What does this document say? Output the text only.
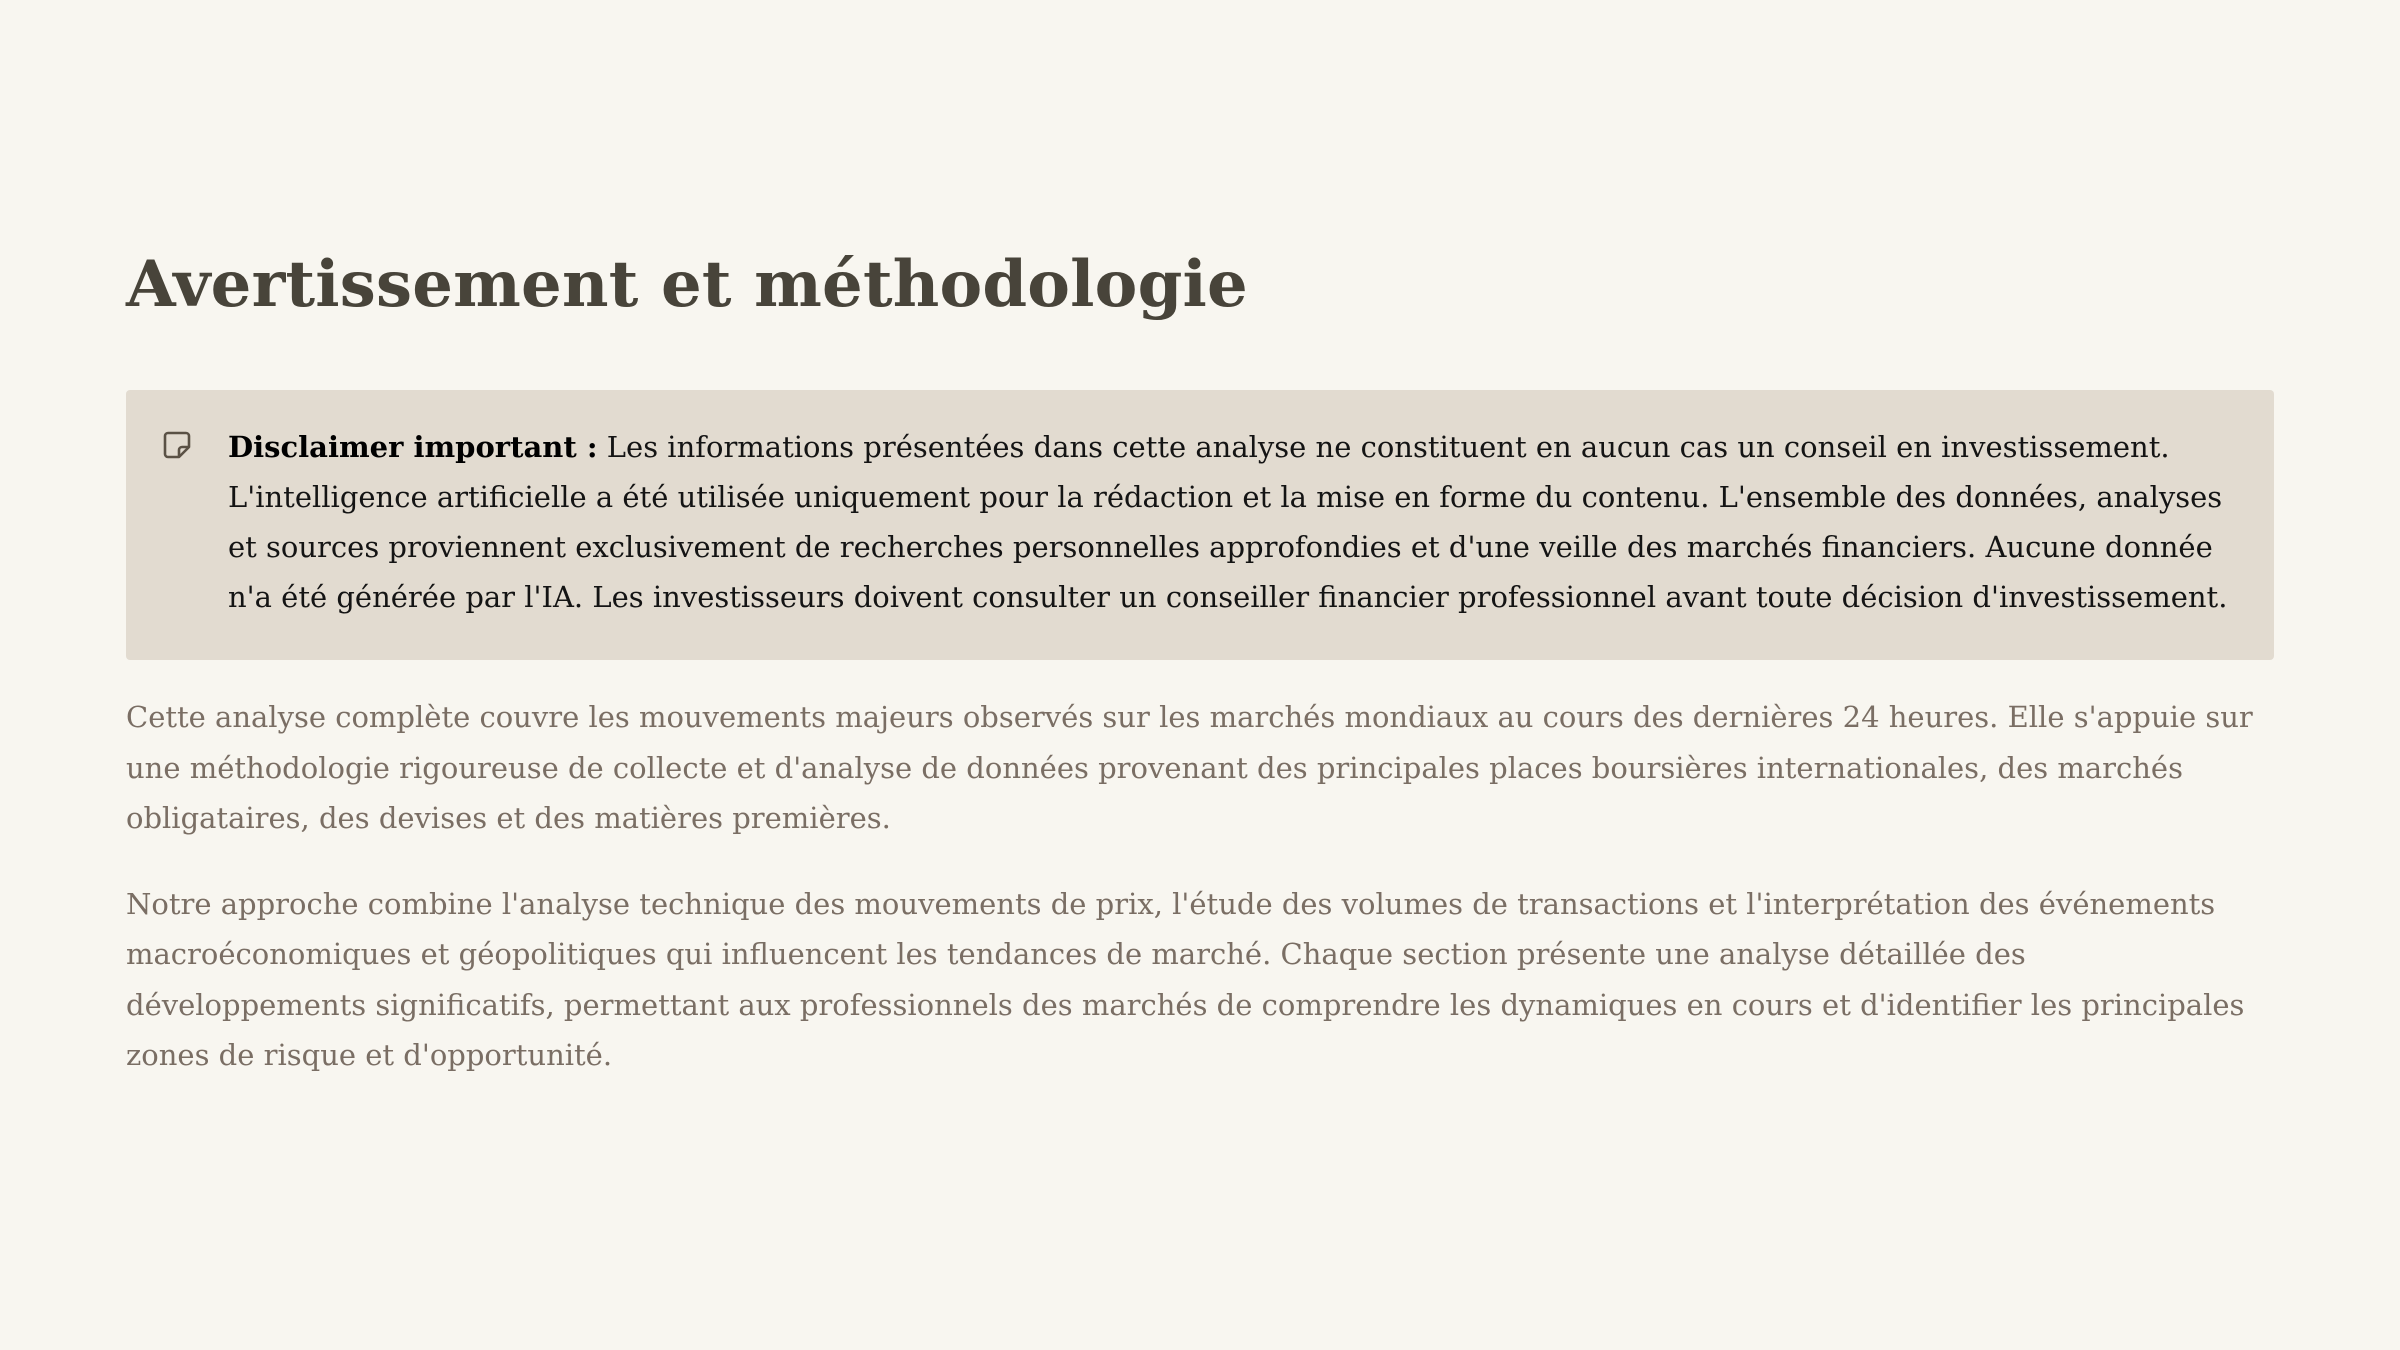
Avertissement et méthodologie

Disclaimer important : Les informations présentées dans cette analyse ne constituent en aucun cas un conseil en investissement. L'intelligence artificielle a été utilisée uniquement pour la rédaction et la mise en forme du contenu. L'ensemble des données, analyses et sources proviennent exclusivement de recherches personnelles approfondies et d'une veille des marchés financiers. Aucune donnée n'a été générée par l'IA. Les investisseurs doivent consulter un conseiller financier professionnel avant toute décision d'investissement.

Cette analyse complète couvre les mouvements majeurs observés sur les marchés mondiaux au cours des dernières 24 heures. Elle s'appuie sur une méthodologie rigoureuse de collecte et d'analyse de données provenant des principales places boursières internationales, des marchés obligataires, des devises et des matières premières.

Notre approche combine l'analyse technique des mouvements de prix, l'étude des volumes de transactions et l'interprétation des événements macroéconomiques et géopolitiques qui influencent les tendances de marché. Chaque section présente une analyse détaillée des développements significatifs, permettant aux professionnels des marchés de comprendre les dynamiques en cours et d'identifier les principales zones de risque et d'opportunité.
